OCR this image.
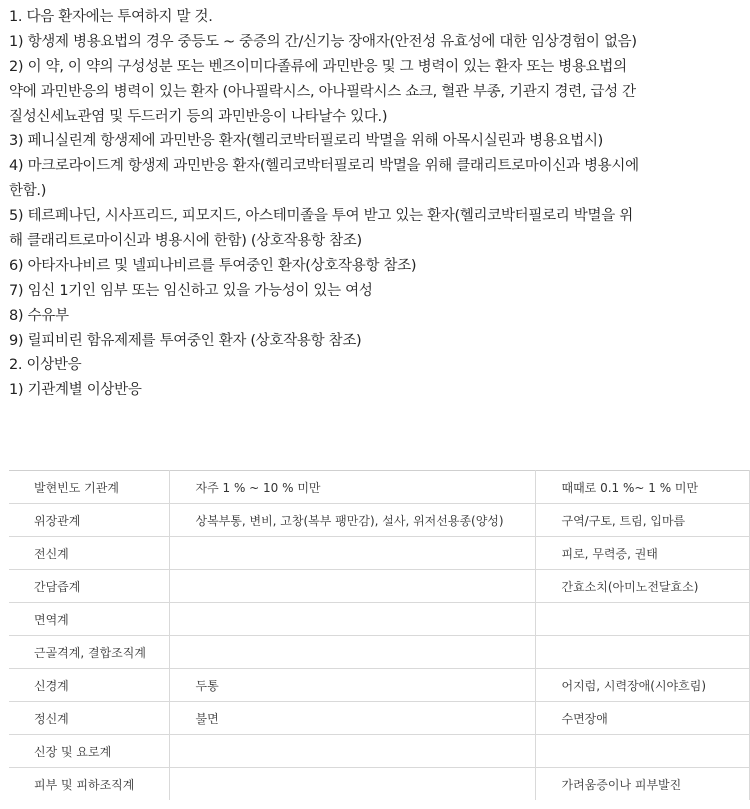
1. 다음 환자에는 투여하지 말 것.
1) 항생제 병용요법의 경우 중등도 ~ 중증의 간/신기능 장애자(안전성 유효성에 대한 임상경험이 없음)
2) 이 약, 이 약의 구성성분 또는 벤즈이미다졸류에 과민반응 및 그 병력이 있는 환자 또는 병용요법의
약에 과민반응의 병력이 있는 환자 (아나필락시스, 아나필락시스 쇼크, 혈관 부종, 기관지 경련, 급성 간
질성신세뇨관염 및 두드러기 등의 과민반응이 나타날수 있다.)
3) 페니실린계 항생제에 과민반응 환자(헬리코박터필로리 박멸을 위해 아목시실린과 병용요법시)
4) 마크로라이드계 항생제 과민반응 환자(헬리코박터필로리 박멸을 위해 클래리트로마이신과 병용시에
한함.)
5) 테르페나딘, 시사프리드, 피모지드, 아스테미졸을 투여 받고 있는 환자(헬리코박터필로리 박멸을 위
해 클래리트로마이신과 병용시에 한함) (상호작용항 참조)
6) 아타자나비르 및 넬피나비르를 투여중인 환자(상호작용항 참조)
7) 임신 1기인 임부 또는 임신하고 있을 가능성이 있는 여성
8) 수유부
9) 릴피비린 함유제제를 투여중인 환자 (상호작용항 참조)
2. 이상반응
1) 기관계별 이상반응
발현빈도 기관계	자주 1 % ~ 10 % 미만	때때로 0.1 %~ 1 % 미만
위장관계	상복부통, 변비, 고창(복부 팽만감), 설사, 위저선용종(양성)	구역/구토, 트림, 입마름
전신계		피로, 무력증, 권태
간담즙계		간효소치(아미노전달효소)
면역계		
근골격계, 결합조직계		
신경계	두통	어지럼, 시력장애(시야흐림)
정신계	불면	수면장애
신장 및 요로계		
피부 및 피하조직계		가려움증이나 피부발진
